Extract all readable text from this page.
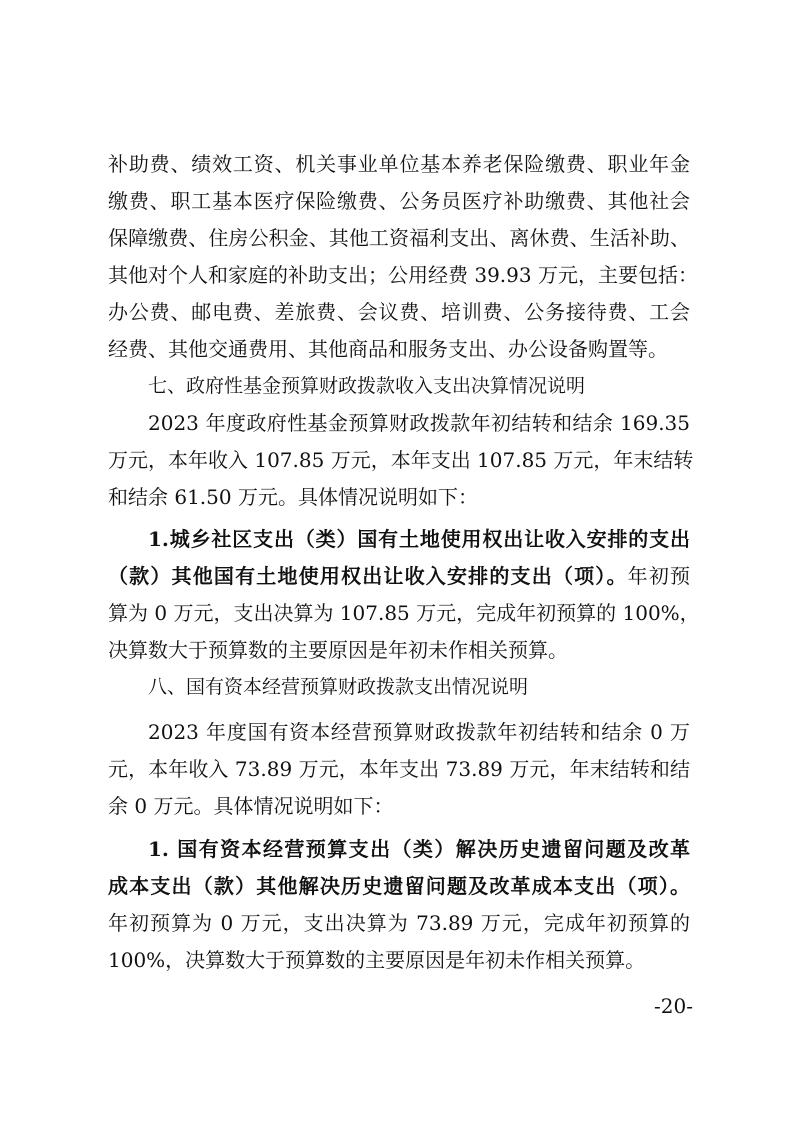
补助费、绩效工资、机关事业单位基本养老保险缴费、职业年金
缴费、职工基本医疗保险缴费、公务员医疗补助缴费、其他社会
保障缴费、住房公积金、其他工资福利支出、离休费、生活补助、
其他对个人和家庭的补助支出；公用经费 39.93 万元，主要包括：
办公费、邮电费、差旅费、会议费、培训费、公务接待费、工会
经费、其他交通费用、其他商品和服务支出、办公设备购置等。
七、政府性基金预算财政拨款收入支出决算情况说明
2023 年度政府性基金预算财政拨款年初结转和结余 169.35
万元，本年收入 107.85 万元，本年支出 107.85 万元，年末结转
和结余 61.50 万元。具体情况说明如下：
1.城乡社区支出（类）国有土地使用权出让收入安排的支出
（款）其他国有土地使用权出让收入安排的支出（项）。年初预
算为 0 万元，支出决算为 107.85 万元，完成年初预算的 100%，
决算数大于预算数的主要原因是年初未作相关预算。
八、国有资本经营预算财政拨款支出情况说明
2023 年度国有资本经营预算财政拨款年初结转和结余 0 万
元，本年收入 73.89 万元，本年支出 73.89 万元，年末结转和结
余 0 万元。具体情况说明如下：
1. 国有资本经营预算支出（类）解决历史遗留问题及改革
成本支出（款）其他解决历史遗留问题及改革成本支出（项）。
年初预算为 0 万元，支出决算为 73.89 万元，完成年初预算的
100%，决算数大于预算数的主要原因是年初未作相关预算。
-20-
